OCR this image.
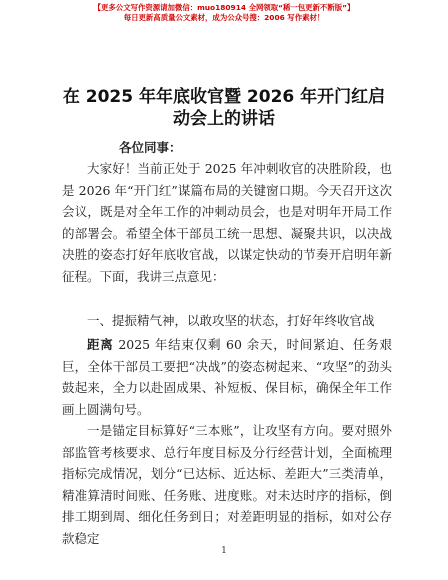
【更多公文写作资源请加微信：muo180914 全网领取“稀一包更新不断版”】
每日更新高质量公文素材，成为公众号搜：2006 写作素材！
在 2025 年年底收官暨 2026 年开门红启动会上的讲话
各位同事：

大家好！当前正处于 2025 年冲刺收官的决胜阶段，也是 2026 年“开门红”谋篇布局的关键窗口期。今天召开这次会议，既是对全年工作的冲刺动员会，也是对明年开局工作的部署会。希望全体干部员工统一思想、凝聚共识，以决战决胜的姿态打好年底收官战，以谋定快动的节奏开启明年新征程。下面，我讲三点意见：

一、提振精气神，以敢攻坚的状态，打好年终收官战

距离 2025 年结束仅剩 60 余天，时间紧迫、任务艰巨，全体干部员工要把“决战”的姿态树起来、“攻坚”的劲头鼓起来，全力以赴固成果、补短板、保目标，确保全年工作画上圆满句号。

一是锚定目标算好“三本账”，让攻坚有方向。要对照外部监管考核要求、总行年度目标及分行经营计划，全面梳理指标完成情况，划分“已达标、近达标、差距大”三类清单，精准算清时间账、任务账、进度账。对未达时序的指标，倒排工期到周、细化任务到日；对差距明显的指标，如对公存款稳定

1
